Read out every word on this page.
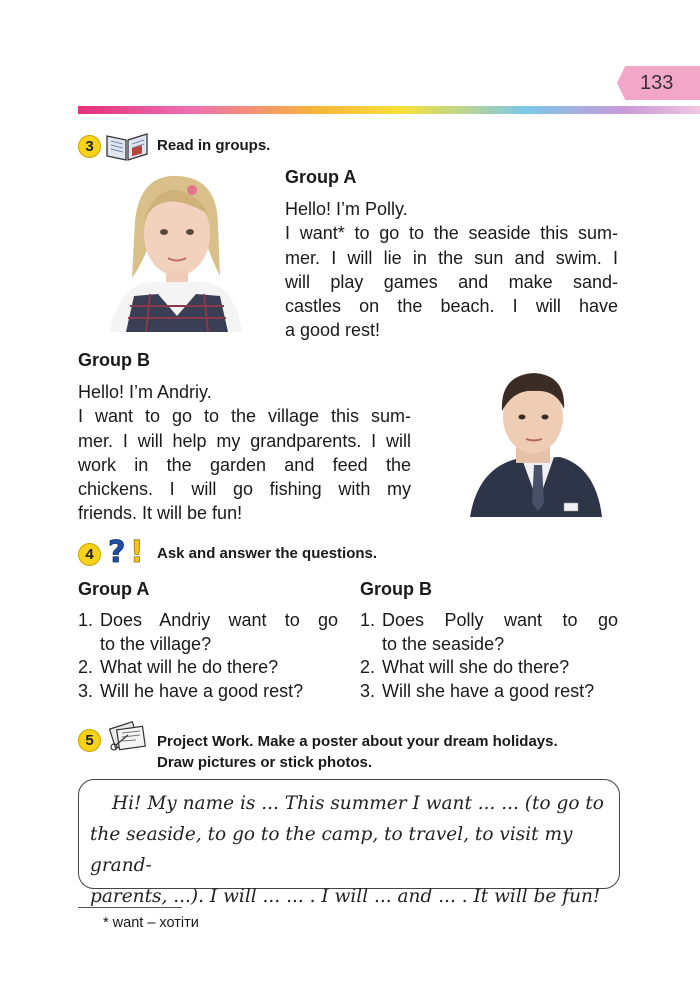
133
3	Read in groups.
Group A
Hello! I’m Polly.
I want* to go to the seaside this sum-
mer. I will lie in the sun and swim. I
will play games and make sand-
castles on the beach. I will have
a good rest!
Group B
Hello! I’m Andriy.
I want to go to the village this sum-
mer. I will help my grandparents. I will
work in the garden and feed the
chickens. I will go fishing with my
friends. It will be fun!
4 ? ! Ask and answer the questions.
Group A
1. Does Andriy want to go
to the village?
2. What will he do there?
3. Will he have a good rest?
Group B
1. Does Polly want to go
to the seaside?
2. What will she do there?
3. Will she have a good rest?
5	Project Work. Make a poster about your dream holidays.
Draw pictures or stick photos.
Hi! My name is ... This summer I want ... ... (to go to
the seaside, to go to the camp, to travel, to visit my grand-
parents, ...). I will ... ... . I will ... and ... . It will be fun!
* want – хотіти
